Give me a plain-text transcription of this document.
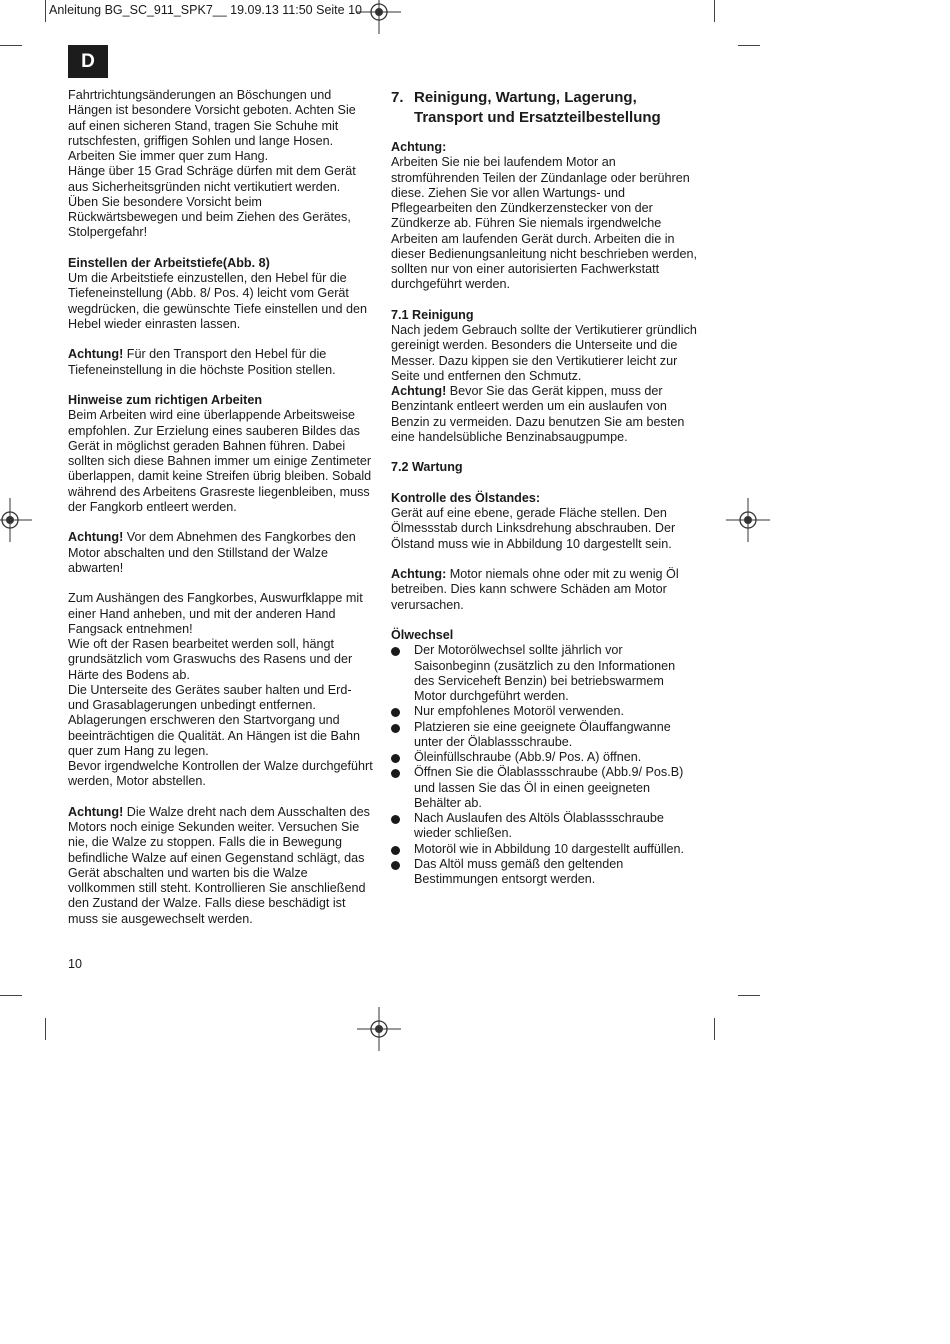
Anleitung BG_SC_911_SPK7__ 19.09.13 11:50 Seite 10
D

Fahrtrichtungsänderungen an Böschungen und Hängen ist besondere Vorsicht geboten. Achten Sie auf einen sicheren Stand, tragen Sie Schuhe mit rutschfesten, griffigen Sohlen und lange Hosen. Arbeiten Sie immer quer zum Hang.

Hänge über 15 Grad Schräge dürfen mit dem Gerät aus Sicherheitsgründen nicht vertikutiert werden.

Üben Sie besondere Vorsicht beim Rückwärtsbewegen und beim Ziehen des Gerätes, Stolpergefahr!

Einstellen der Arbeitstiefe(Abb. 8)

Um die Arbeitstiefe einzustellen, den Hebel für die Tiefeneinstellung (Abb. 8/ Pos. 4) leicht vom Gerät wegdrücken, die gewünschte Tiefe einstellen und den Hebel wieder einrasten lassen.

Achtung! Für den Transport den Hebel für die Tiefeneinstellung in die höchste Position stellen.

Hinweise zum richtigen Arbeiten

Beim Arbeiten wird eine überlappende Arbeitsweise empfohlen. Zur Erzielung eines sauberen Bildes das Gerät in möglichst geraden Bahnen führen. Dabei sollten sich diese Bahnen immer um einige Zentimeter überlappen, damit keine Streifen übrig bleiben. Sobald während des Arbeitens Grasreste liegenbleiben, muss der Fangkorb entleert werden.

Achtung! Vor dem Abnehmen des Fangkorbes den Motor abschalten und den Stillstand der Walze abwarten!

Zum Aushängen des Fangkorbes, Auswurfklappe mit einer Hand anheben, und mit der anderen Hand Fangsack entnehmen!

Wie oft der Rasen bearbeitet werden soll, hängt grundsätzlich vom Graswuchs des Rasens und der Härte des Bodens ab.

Die Unterseite des Gerätes sauber halten und Erd- und Grasablagerungen unbedingt entfernen. Ablagerungen erschweren den Startvorgang und beeinträchtigen die Qualität. An Hängen ist die Bahn quer zum Hang zu legen.

Bevor irgendwelche Kontrollen der Walze durchgeführt werden, Motor abstellen.

Achtung! Die Walze dreht nach dem Ausschalten des Motors noch einige Sekunden weiter. Versuchen Sie nie, die Walze zu stoppen. Falls die in Bewegung befindliche Walze auf einen Gegenstand schlägt, das Gerät abschalten und warten bis die Walze vollkommen still steht. Kontrollieren Sie anschließend den Zustand der Walze. Falls diese beschädigt ist muss sie ausgewechselt werden.

7. Reinigung, Wartung, Lagerung, Transport und Ersatzteilbestellung

Achtung:

Arbeiten Sie nie bei laufendem Motor an stromführenden Teilen der Zündanlage oder berühren diese. Ziehen Sie vor allen Wartungs- und Pflegearbeiten den Zündkerzenstecker von der Zündkerze ab. Führen Sie niemals irgendwelche Arbeiten am laufenden Gerät durch. Arbeiten die in dieser Bedienungsanleitung nicht beschrieben werden, sollten nur von einer autorisierten Fachwerkstatt durchgeführt werden.

7.1 Reinigung

Nach jedem Gebrauch sollte der Vertikutierer gründlich gereinigt werden. Besonders die Unterseite und die Messer. Dazu kippen sie den Vertikutierer leicht zur Seite und entfernen den Schmutz.

Achtung! Bevor Sie das Gerät kippen, muss der Benzintank entleert werden um ein auslaufen von Benzin zu vermeiden. Dazu benutzen Sie am besten eine handelsübliche Benzinabsaugpumpe.

7.2 Wartung

Kontrolle des Ölstandes:

Gerät auf eine ebene, gerade Fläche stellen. Den Ölmessstab durch Linksdrehung abschrauben. Der Ölstand muss wie in Abbildung 10 dargestellt sein.

Achtung: Motor niemals ohne oder mit zu wenig Öl betreiben. Dies kann schwere Schäden am Motor verursachen.

Ölwechsel

Der Motorölwechsel sollte jährlich vor Saisonbeginn (zusätzlich zu den Informationen des Serviceheft Benzin) bei betriebswarmem Motor durchgeführt werden.
Nur empfohlenes Motoröl verwenden.
Platzieren sie eine geeignete Ölauffangwanne unter der Ölablassschraube.
Öleinfüllschraube (Abb.9/ Pos. A) öffnen.
Öffnen Sie die Ölablassschraube (Abb.9/ Pos.B) und lassen Sie das Öl in einen geeigneten Behälter ab.
Nach Auslaufen des Altöls Ölablassschraube wieder schließen.
Motoröl wie in Abbildung 10 dargestellt auffüllen.
Das Altöl muss gemäß den geltenden Bestimmungen entsorgt werden.
10
